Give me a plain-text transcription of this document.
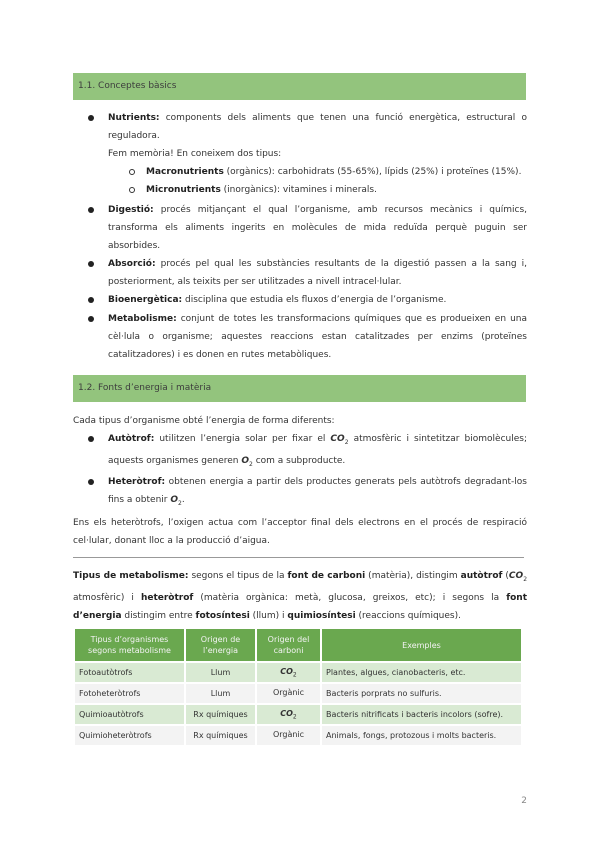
1.1. Conceptes bàsics
Nutrients: components dels aliments que tenen una funció energètica, estructural o reguladora.
Fem memòria! En coneixem dos tipus:
Macronutrients (orgànics): carbohidrats (55-65%), lípids (25%) i proteïnes (15%).
Micronutrients (inorgànics): vitamines i minerals.
Digestió: procés mitjançant el qual l’organisme, amb recursos mecànics i químics, transforma els aliments ingerits en molècules de mida reduïda perquè puguin ser absorbides.
Absorció: procés pel qual les substàncies resultants de la digestió passen a la sang i, posteriorment, als teixits per ser utilitzades a nivell intracel·lular.
Bioenergètica: disciplina que estudia els fluxos d’energia de l’organisme.
Metabolisme: conjunt de totes les transformacions químiques que es produeixen en una cèl·lula o organisme; aquestes reaccions estan catalitzades per enzims (proteïnes catalitzadores) i es donen en rutes metabòliques.
1.2. Fonts d’energia i matèria
Cada tipus d’organisme obté l’energia de forma diferents:
Autòtrof: utilitzen l’energia solar per fixar el $CO_2$ atmosfèric i sintetitzar biomolècules; aquests organismes generen $O_2$ com a subproducte.
Heteròtrof: obtenen energia a partir dels productes generats pels autòtrofs degradant-los fins a obtenir $O_2$.
Ens els heteròtrofs, l’oxigen actua com l’acceptor final dels electrons en el procés de respiració cel·lular, donant lloc a la producció d’aigua.
Tipus de metabolisme: segons el tipus de la font de carboni (matèria), distingim autòtrof ($CO_2$ atmosfèric) i heteròtrof (matèria orgànica: metà, glucosa, greixos, etc); i segons la font d’energia distingim entre fotosíntesi (llum) i quimiosíntesi (reaccions químiques).
Tipus d’organismes segons metabolisme	Origen de l’energia	Origen del carboni	Exemples
Fotoautòtrofs	Llum	$CO_2$	Plantes, algues, cianobacteris, etc.
Fotoheteròtrofs	Llum	Orgànic	Bacteris porprats no sulfuris.
Quimioautòtrofs	Rx químiques	$CO_2$	Bacteris nitrificats i bacteris incolors (sofre).
Quimioheteròtrofs	Rx químiques	Orgànic	Animals, fongs, protozous i molts bacteris.
2
